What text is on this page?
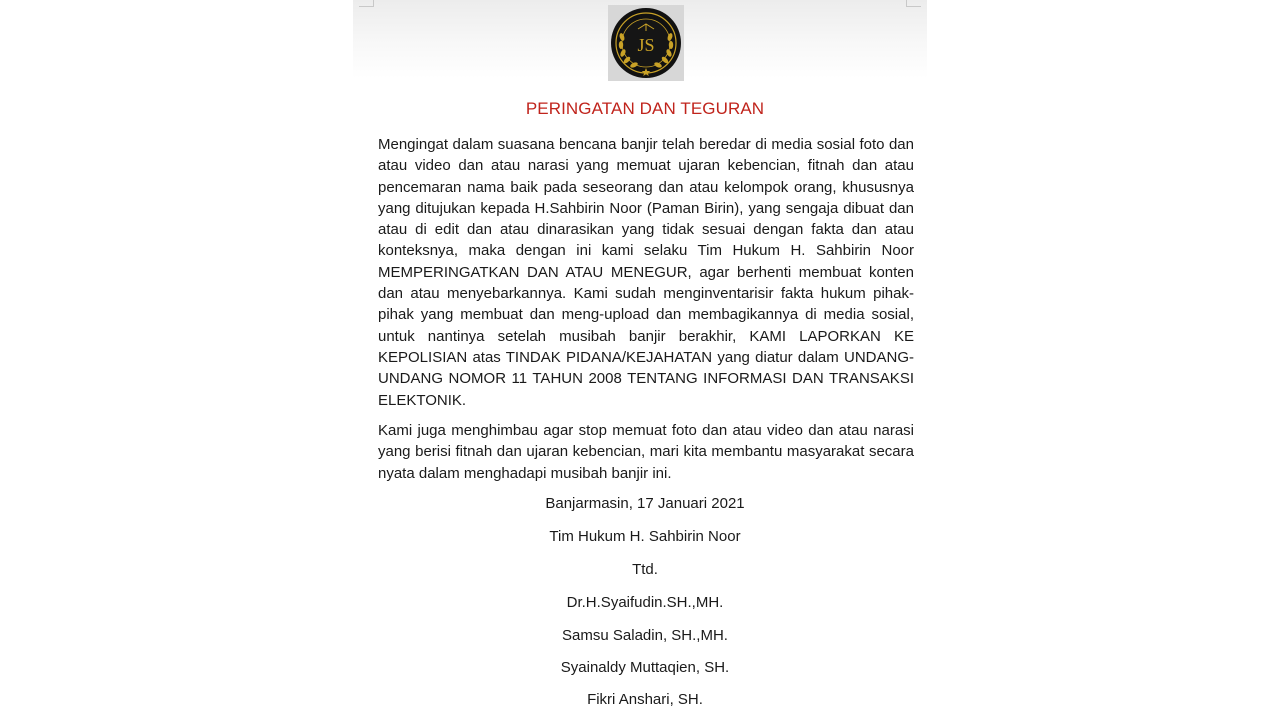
JS
PERINGATAN DAN TEGURAN

Mengingat dalam suasana bencana banjir telah beredar di media sosial foto dan atau video dan atau narasi yang memuat ujaran kebencian, fitnah dan atau pencemaran nama baik pada seseorang dan atau kelompok orang, khususnya yang ditujukan kepada H.Sahbirin Noor (Paman Birin), yang sengaja dibuat dan atau di edit dan atau dinarasikan yang tidak sesuai dengan fakta dan atau konteksnya, maka dengan ini kami selaku Tim Hukum H. Sahbirin Noor MEMPERINGATKAN DAN ATAU MENEGUR, agar berhenti membuat konten dan atau menyebarkannya. Kami sudah menginventarisir fakta hukum pihak-pihak yang membuat dan meng-upload dan membagikannya di media sosial, untuk nantinya setelah musibah banjir berakhir, KAMI LAPORKAN KE KEPOLISIAN atas TINDAK PIDANA/KEJAHATAN yang diatur dalam UNDANG-UNDANG NOMOR 11 TAHUN 2008 TENTANG INFORMASI DAN TRANSAKSI ELEKTONIK.

Kami juga menghimbau agar stop memuat foto dan atau video dan atau narasi yang berisi fitnah dan ujaran kebencian, mari kita membantu masyarakat secara nyata dalam menghadapi musibah banjir ini.

Banjarmasin, 17 Januari 2021

Tim Hukum H. Sahbirin Noor

Ttd.

Dr.H.Syaifudin.SH.,MH.

Samsu Saladin, SH.,MH.

Syainaldy Muttaqien, SH.

Fikri Anshari, SH.
